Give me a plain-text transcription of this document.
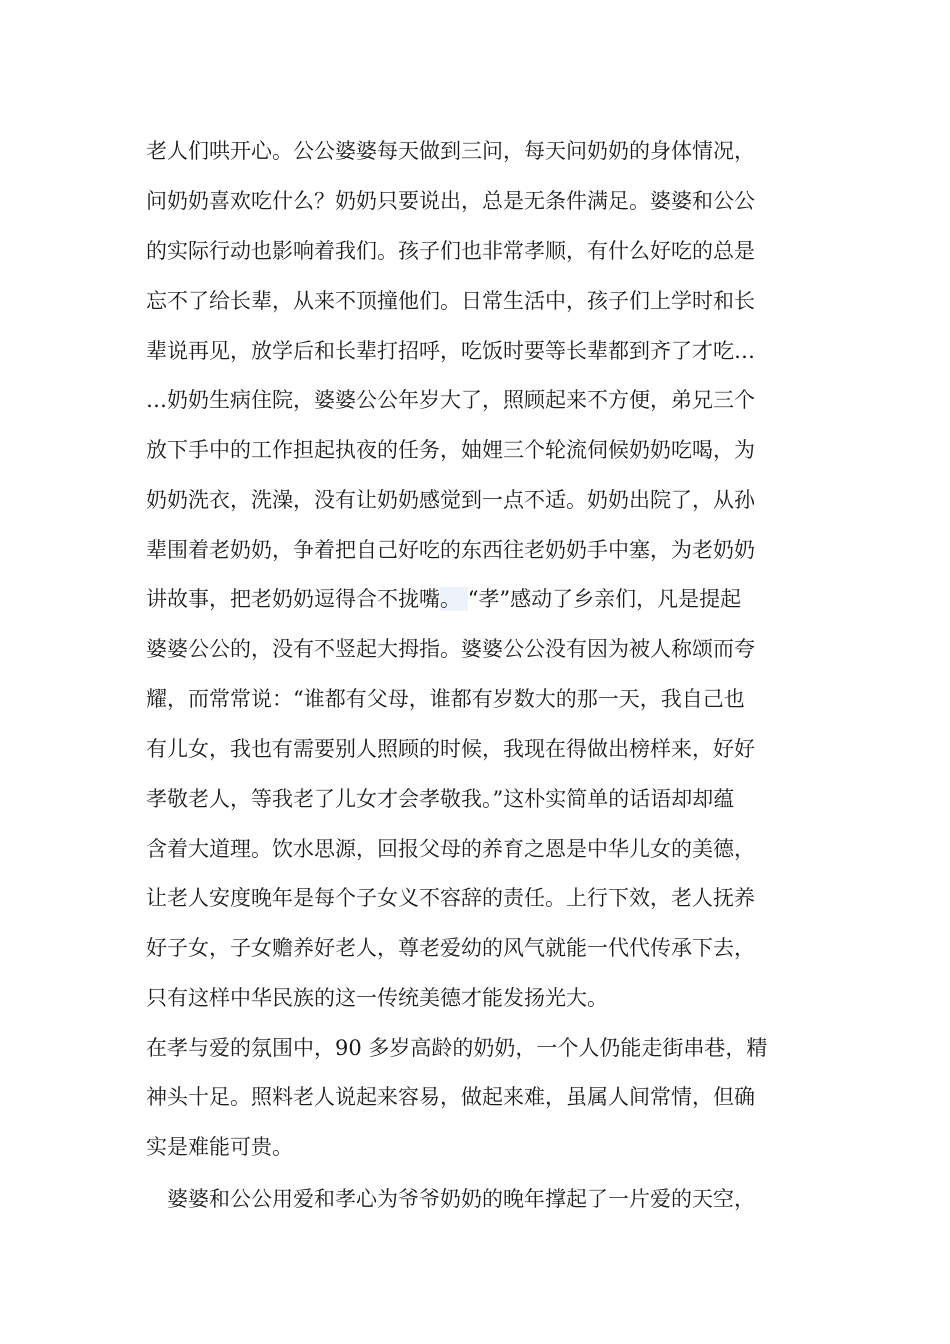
老人们哄开心。公公婆婆每天做到三问，每天问奶奶的身体情况，
问奶奶喜欢吃什么？奶奶只要说出，总是无条件满足。婆婆和公公
的实际行动也影响着我们。孩子们也非常孝顺，有什么好吃的总是
忘不了给长辈，从来不顶撞他们。日常生活中，孩子们上学时和长
辈说再见，放学后和长辈打招呼，吃饭时要等长辈都到齐了才吃…
…奶奶生病住院，婆婆公公年岁大了，照顾起来不方便，弟兄三个
放下手中的工作担起执夜的任务，妯娌三个轮流伺候奶奶吃喝，为
奶奶洗衣，洗澡，没有让奶奶感觉到一点不适。奶奶出院了，从孙
辈围着老奶奶，争着把自己好吃的东西往老奶奶手中塞，为老奶奶
讲故事，把老奶奶逗得合不拢嘴。 “孝”感动了乡亲们，凡是提起
婆婆公公的，没有不竖起大拇指。婆婆公公没有因为被人称颂而夸
耀，而常常说：“谁都有父母，谁都有岁数大的那一天，我自己也
有儿女，我也有需要别人照顾的时候，我现在得做出榜样来，好好
孝敬老人，等我老了儿女才会孝敬我。”这朴实简单的话语却却蕴
含着大道理。饮水思源，回报父母的养育之恩是中华儿女的美德，
让老人安度晚年是每个子女义不容辞的责任。上行下效，老人抚养
好子女，子女赡养好老人，尊老爱幼的风气就能一代代传承下去，
只有这样中华民族的这一传统美德才能发扬光大。
在孝与爱的氛围中，90 多岁高龄的奶奶，一个人仍能走街串巷，精
神头十足。照料老人说起来容易，做起来难，虽属人间常情，但确
实是难能可贵。
　婆婆和公公用爱和孝心为爷爷奶奶的晚年撑起了一片爱的天空，
